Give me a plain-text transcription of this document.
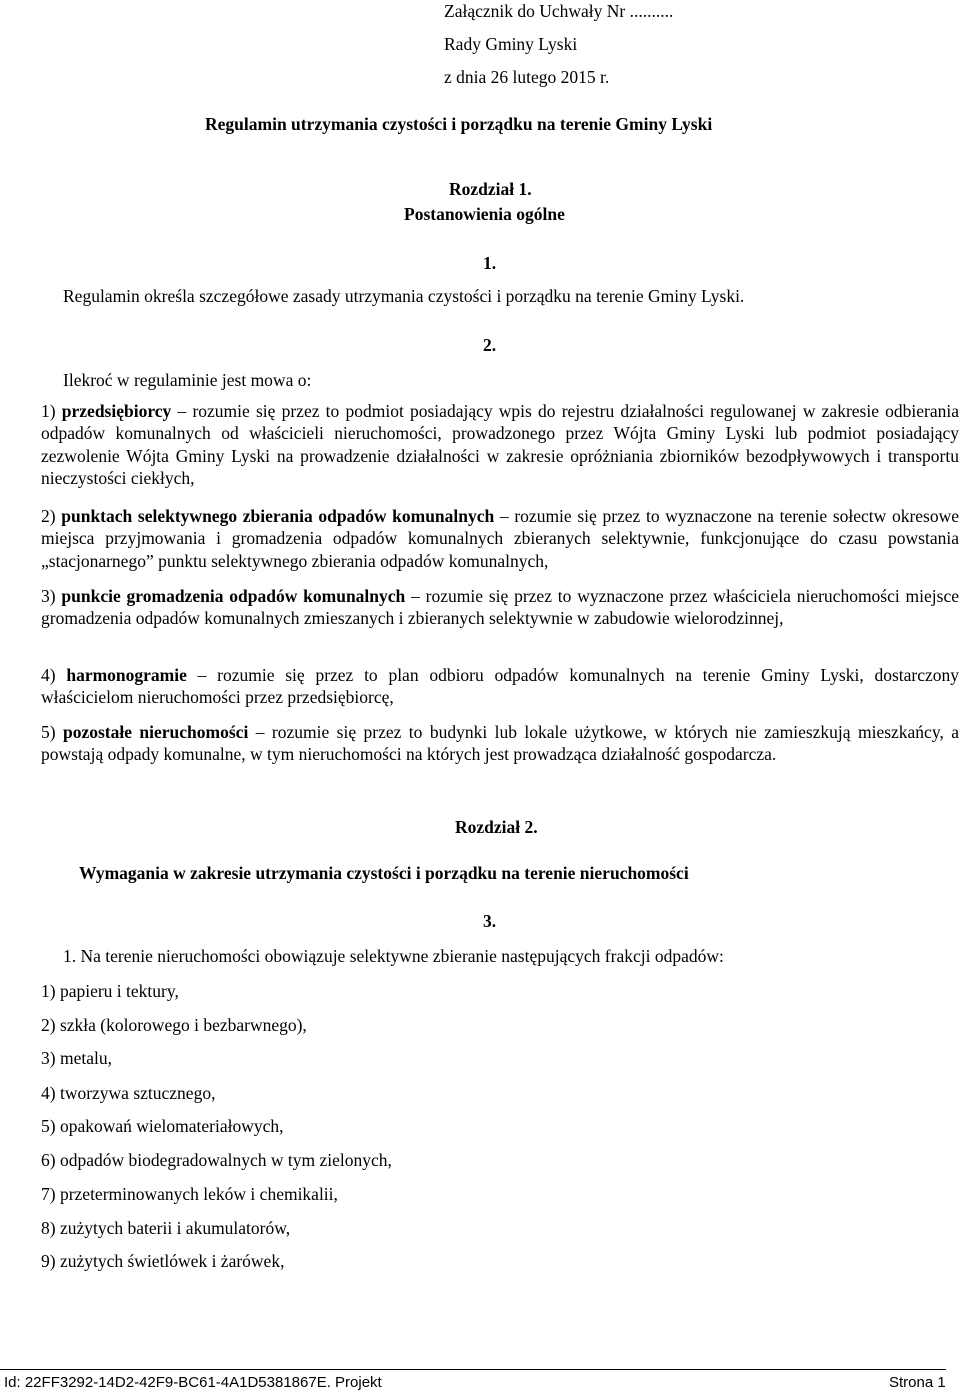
Załącznik do Uchwały Nr ..........
Rady Gminy Lyski
z dnia 26 lutego 2015 r.
Regulamin utrzymania czystości i porządku na terenie Gminy Lyski
Rozdział 1.
Postanowienia ogólne
1.
Regulamin określa szczegółowe zasady utrzymania czystości i porządku na terenie Gminy Lyski.
2.
Ilekroć w regulaminie jest mowa o:

1) przedsiębiorcy – rozumie się przez to podmiot posiadający wpis do rejestru działalności regulowanej w zakresie odbierania odpadów komunalnych od właścicieli nieruchomości, prowadzonego przez Wójta Gminy Lyski lub podmiot posiadający zezwolenie Wójta Gminy Lyski na prowadzenie działalności w zakresie opróżniania zbiorników bezodpływowych i transportu nieczystości ciekłych,

2) punktach selektywnego zbierania odpadów komunalnych – rozumie się przez to wyznaczone na terenie sołectw okresowe miejsca przyjmowania i gromadzenia odpadów komunalnych zbieranych selektywnie, funkcjonujące do czasu powstania „stacjonarnego” punktu selektywnego zbierania odpadów komunalnych,

3) punkcie gromadzenia odpadów komunalnych – rozumie się przez to wyznaczone przez właściciela nieruchomości miejsce gromadzenia odpadów komunalnych zmieszanych i zbieranych selektywnie w zabudowie wielorodzinnej,

4) harmonogramie – rozumie się przez to plan odbioru odpadów komunalnych na terenie Gminy Lyski, dostarczony właścicielom nieruchomości przez przedsiębiorcę,

5) pozostałe nieruchomości – rozumie się przez to budynki lub lokale użytkowe, w których nie zamieszkują mieszkańcy, a powstają odpady komunalne, w tym nieruchomości na których jest prowadząca działalność gospodarcza.

Rozdział 2.
Wymagania w zakresie utrzymania czystości i porządku na terenie nieruchomości
3.
1. Na terenie nieruchomości obowiązuje selektywne zbieranie następujących frakcji odpadów:
1) papieru i tektury,
2) szkła (kolorowego i bezbarwnego),
3) metalu,
4) tworzywa sztucznego,
5) opakowań wielomateriałowych,
6) odpadów biodegradowalnych w tym zielonych,
7) przeterminowanych leków i chemikalii,
8) zużytych baterii i akumulatorów,
9) zużytych świetlówek i żarówek,
Id: 22FF3292-14D2-42F9-BC61-4A1D5381867E. Projekt	Strona 1
